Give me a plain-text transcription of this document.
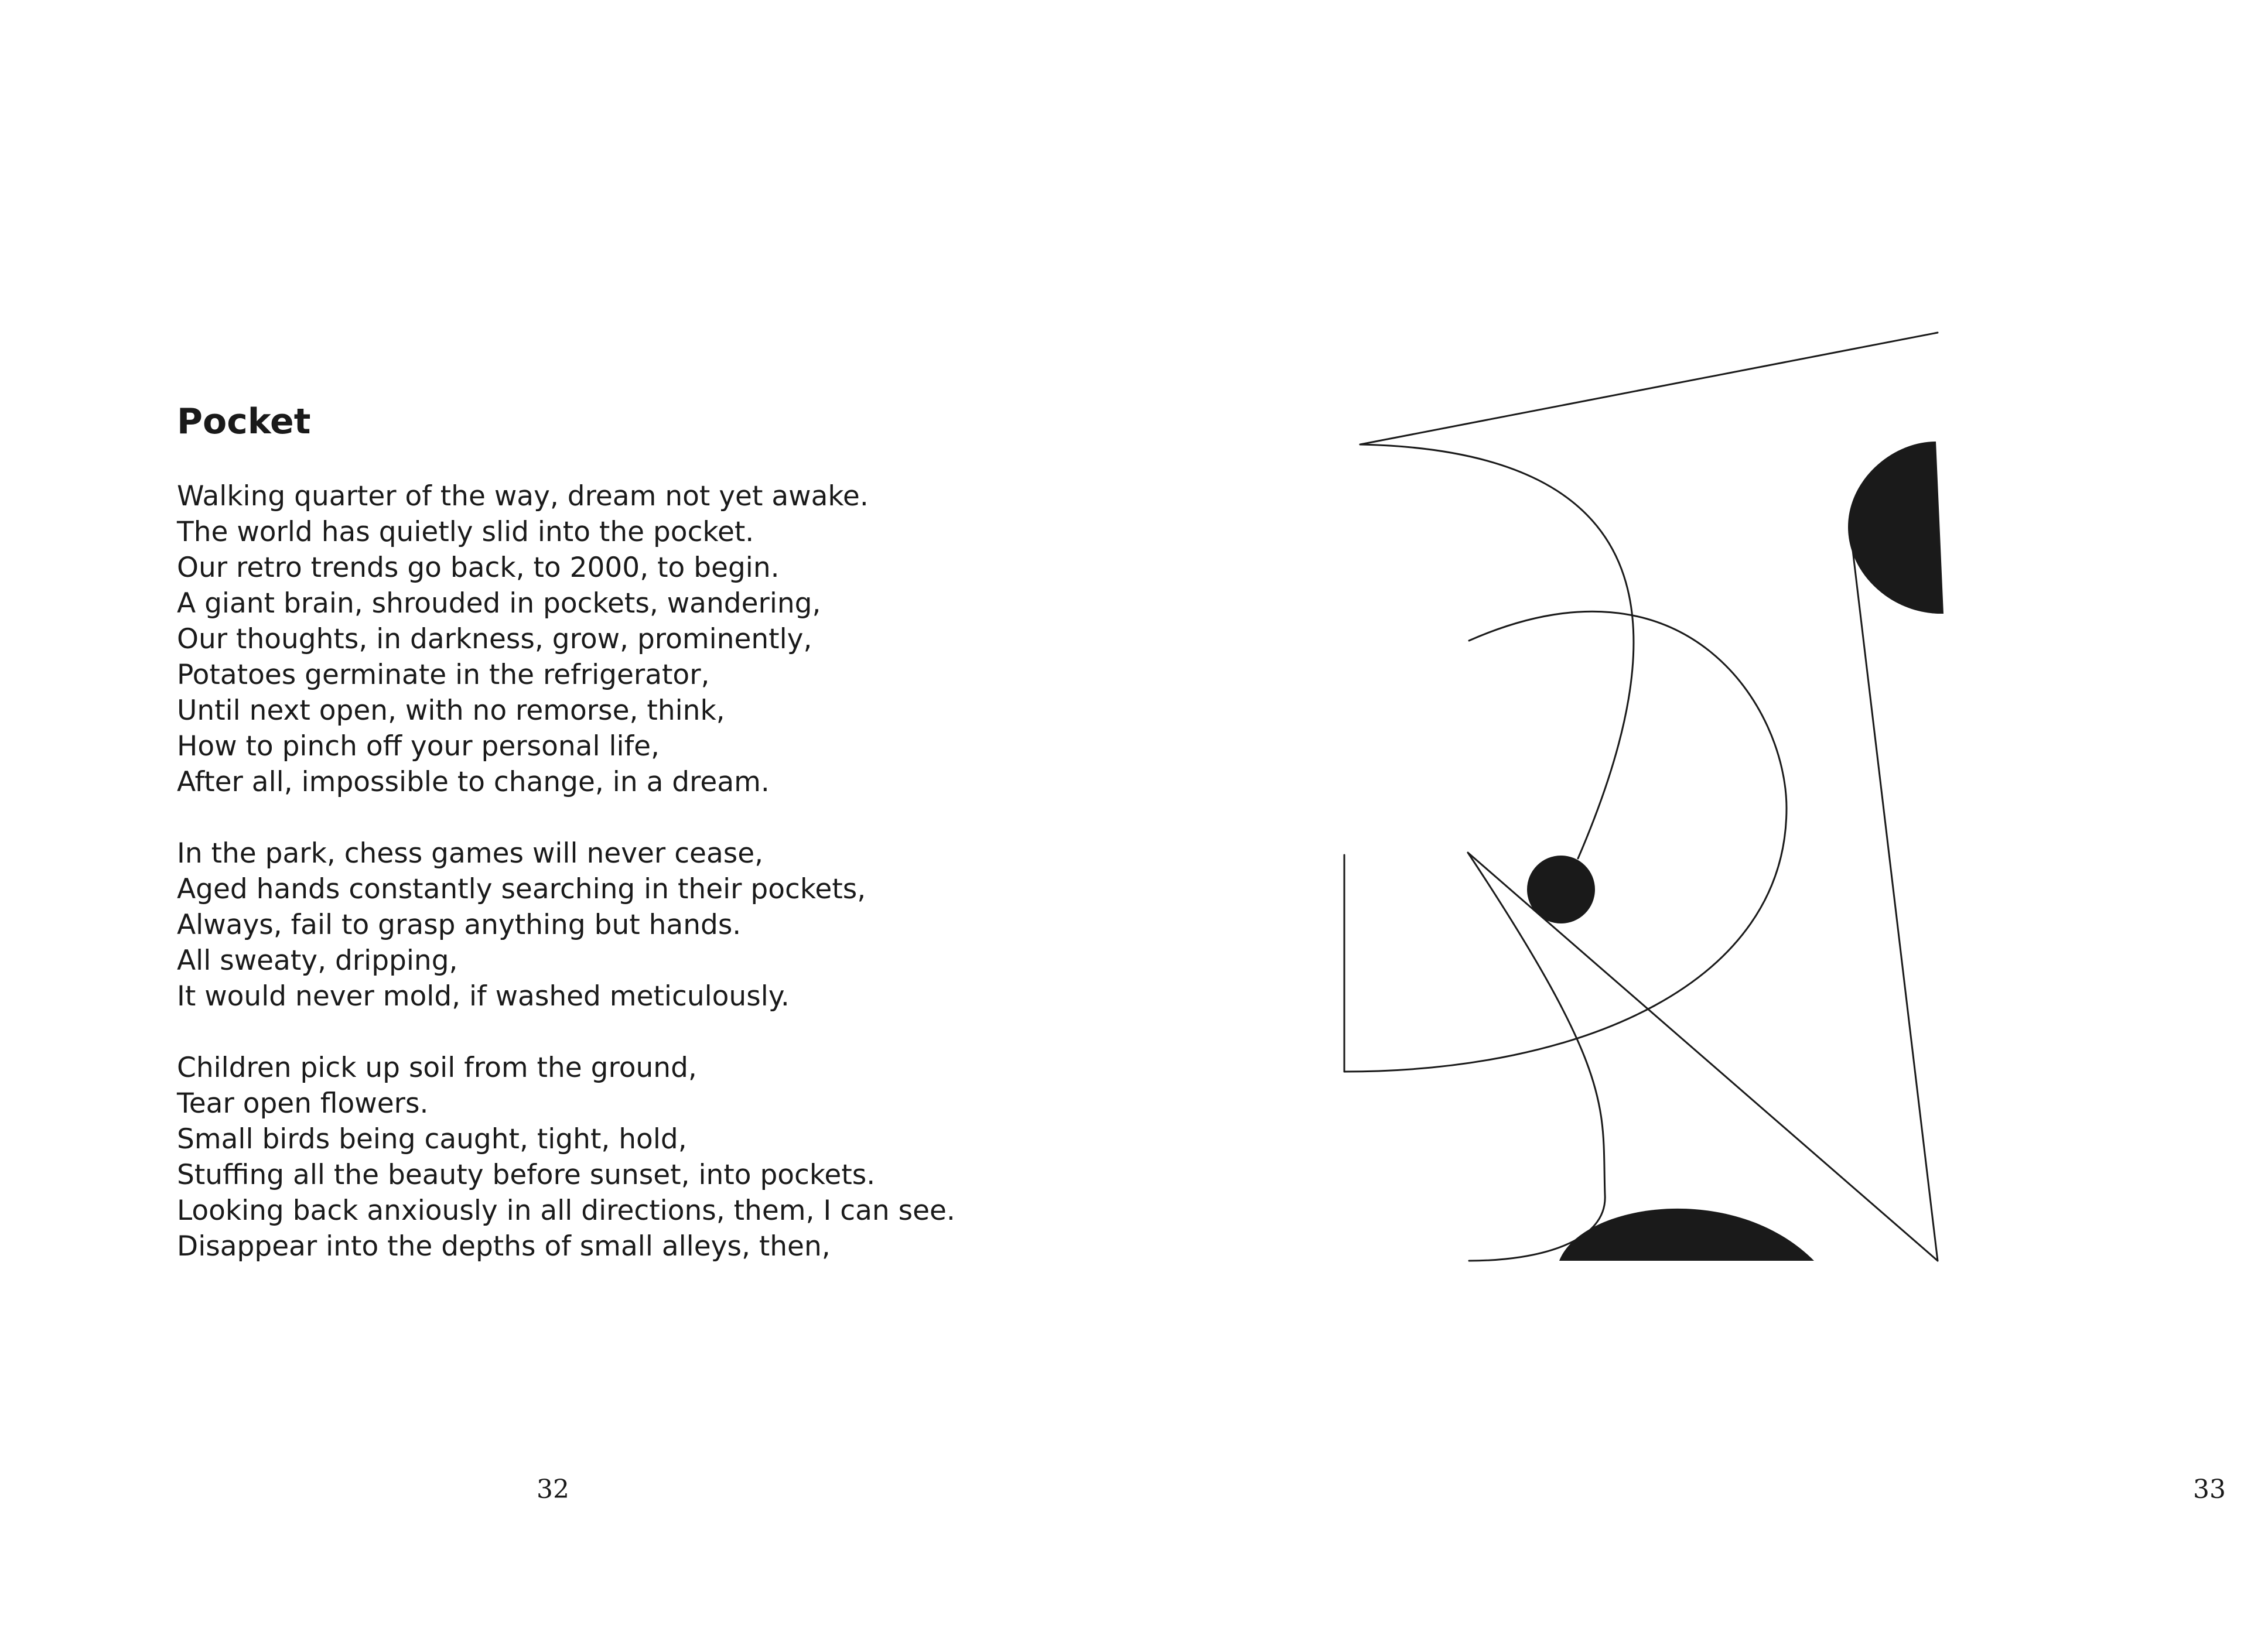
Pocket
Walking quarter of the way, dream not yet awake.
The world has quietly slid into the pocket.
Our retro trends go back, to 2000, to begin.
A giant brain, shrouded in pockets, wandering,
Our thoughts, in darkness, grow, prominently,
Potatoes germinate in the refrigerator,
Until next open, with no remorse, think,
How to pinch off your personal life,
After all, impossible to change, in a dream.
In the park, chess games will never cease,
Aged hands constantly searching in their pockets,
Always, fail to grasp anything but hands.
All sweaty, dripping,
It would never mold, if washed meticulously.
Children pick up soil from the ground,
Tear open flowers.
Small birds being caught, tight, hold,
Stuffing all the beauty before sunset, into pockets.
Looking back anxiously in all directions, them, I can see.
Disappear into the depths of small alleys, then,
32	33
